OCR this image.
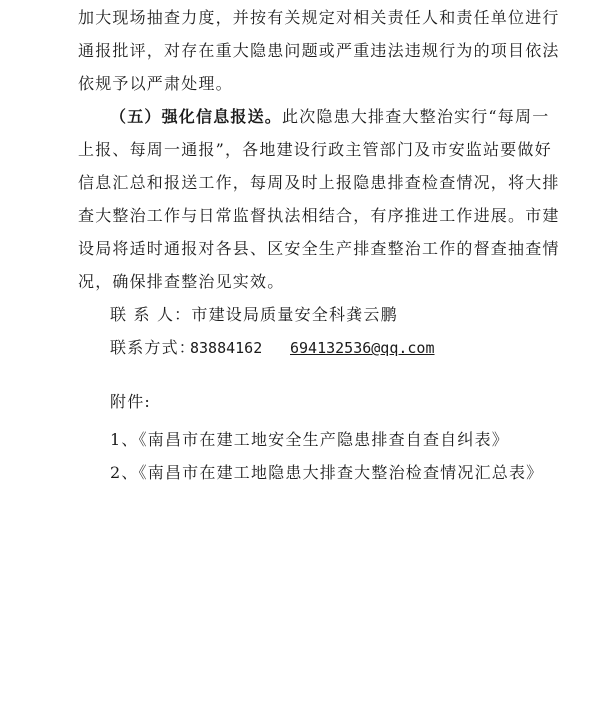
加大现场抽查力度，并按有关规定对相关责任人和责任单位进行
通报批评，对存在重大隐患问题或严重违法违规行为的项目依法
依规予以严肃处理。
（五）强化信息报送。此次隐患大排查大整治实行“每周一
上报、每周一通报”，各地建设行政主管部门及市安监站要做好
信息汇总和报送工作，每周及时上报隐患排查检查情况，将大排
查大整治工作与日常监督执法相结合，有序推进工作进展。市建
设局将适时通报对各县、区安全生产排查整治工作的督查抽查情
况，确保排查整治见实效。
联 系 人：市建设局质量安全科龚云鹏
联系方式：
83884162 694132536@qq.com
附件:
1、《南昌市在建工地安全生产隐患排查自查自纠表》
2、《南昌市在建工地隐患大排查大整治检查情况汇总表》
